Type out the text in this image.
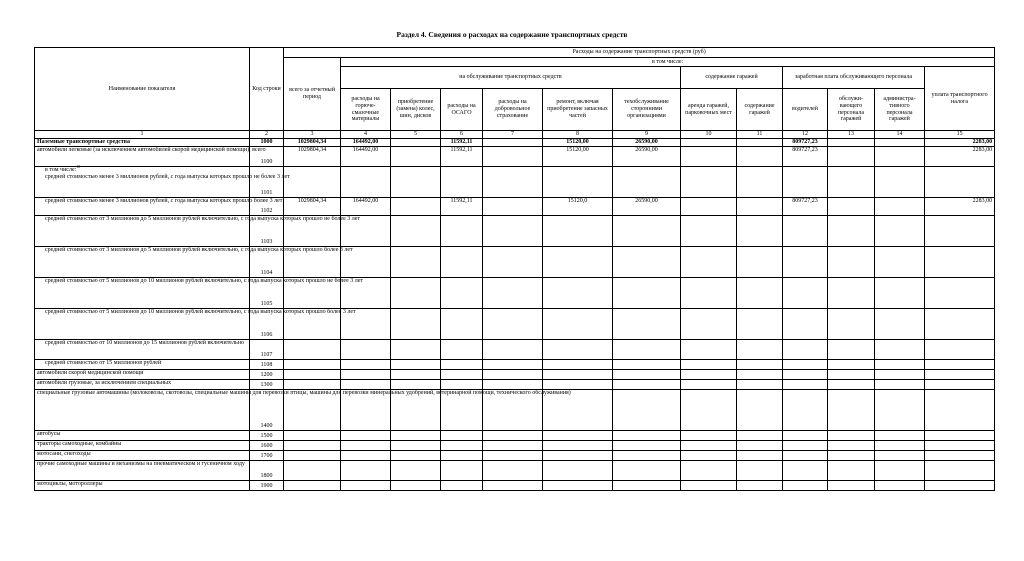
Раздел 4. Сведения о расходах на содержание транспортных средств
Наименование показателя	Код строки	Расходы на содержание транспортных средств (руб)												
		всего за отчетный период	в том числе:											
			на обслуживание транспортных средств						содержание гаражей		заработная плата обслуживающего персонала			уплата транспортного налога
			расходы на горюче-смазочные материалы	приобретение (замена) колес, шин, дисков	расходы на ОСАГО	расходы на добровольное страхование	ремонт, включая приобретение запасных частей	техобслуживание сторонними организациями	аренда гаражей, парковочных мест	содержание гаражей	водителей	обслужи-вающего персонала гаражей	администра-тивного персонала гаражей	
1	2	3	4	5	6	7	8	9	10	11	12	13	14	15
Наземные транспортные средства	1000	1029804,34	164492,00		11592,11		15120,00	26590,00			809727,23			2283,00
автомобили легковые (за исключением автомобилей скорой медицинской помощи), всего	1100	1029804,34	164492,00		11592,11		15120,00	26590,00			809727,23			2283,00
в том числе:$^{10}$
средней стоимостью менее 3 миллионов рублей, с года выпуска которых прошло не более 3 лет	1101													
средней стоимостью менее 3 миллионов рублей, с года выпуска которых прошло более 3 лет	1102	1029804,34	164492,00		11592,11		15120,0	26590,00			809727,23			2283,00
средней стоимостью от 3 миллионов до 5 миллионов рублей включительно, с года выпуска которых прошло не более 3 лет	1103													
средней стоимостью от 3 миллионов до 5 миллионов рублей включительно, с года выпуска которых прошло более 3 лет	1104													
средней стоимостью от 5 миллионов до 10 миллионов рублей включительно, с года выпуска которых прошло не более 3 лет	1105													
средней стоимостью от 5 миллионов до 10 миллионов рублей включительно, с года выпуска которых прошло более 3 лет	1106													
средней стоимостью от 10 миллионов до 15 миллионов рублей включительно	1107													
средней стоимостью от 15 миллионов рублей	1108													
автомобили скорой медицинской помощи	1200													
автомобили грузовые, за исключением специальных	1300													
специальные грузовые автомашины (молоковозы, скотовозы, специальные машины для перевозки птицы, машины для перевозки минеральных удобрений, ветеринарной помощи, технического обслуживания)	1400													
автобусы	1500													
тракторы самоходные, комбайны	1600													
мотосани, снегоходы	1700													
прочие самоходные машины и механизмы на пневматическом и гусеничном ходу	1800													
мотоциклы, мотороллеры	1900													
